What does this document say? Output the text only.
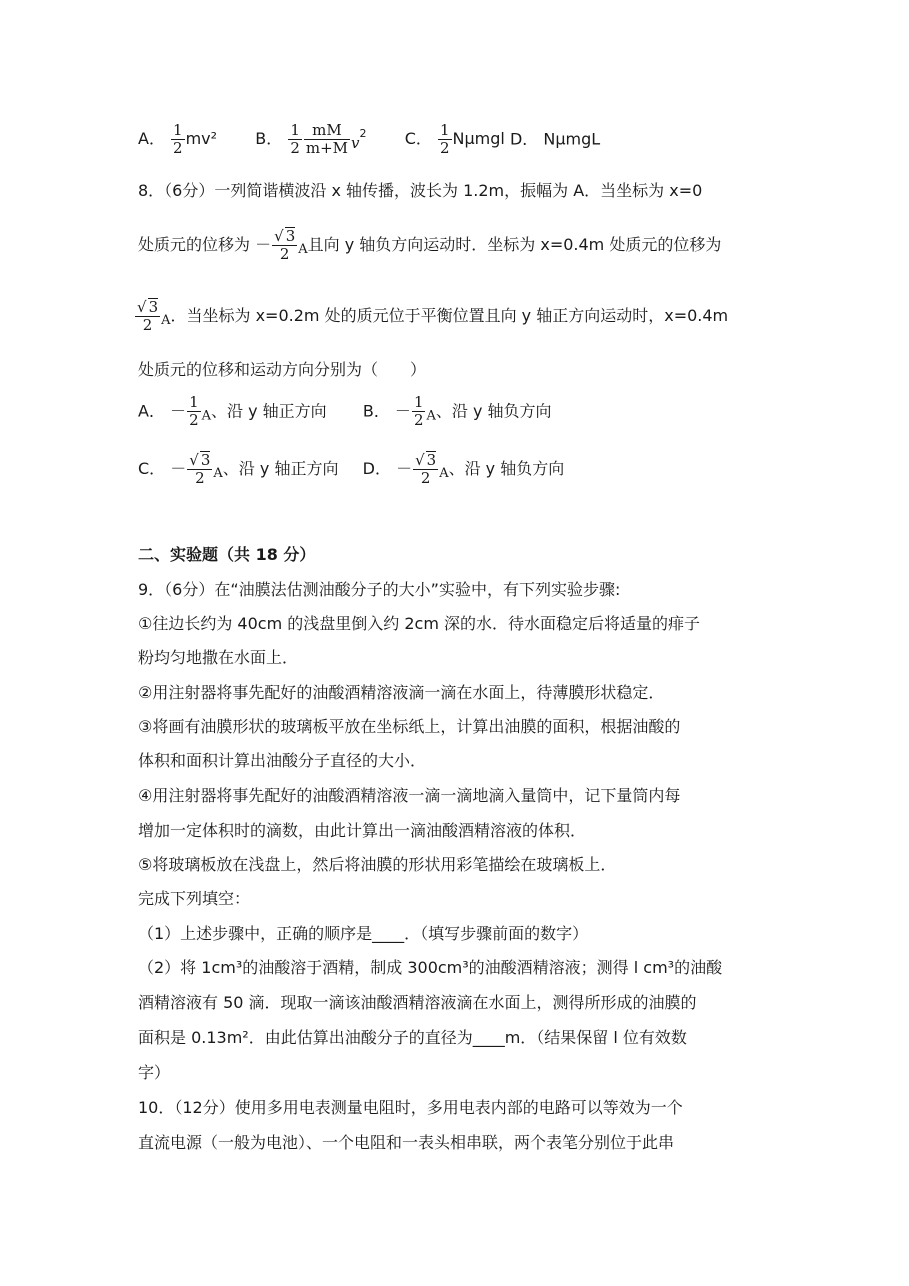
A． $\frac{1}{2} mv^2$ B． $\frac{1}{2} \frac{mM}{m+M} v^2$ C． $\frac{1}{2}$ Nμmgl D． NμmgL
8．（6分）一列简谐横波沿 x 轴传播，波长为 1.2m，振幅为 A．当坐标为 x=0
处质元的位移为 － $\frac{√ 3}{2}$ A且向 y 轴负方向运动时．坐标为 x=0.4m 处质元的位移为
$\frac{√ 3}{2}$ A．当坐标为 x=0.2m 处的质元位于平衡位置且向 y 轴正方向运动时，x=0.4m
处质元的位移和运动方向分别为（　　）
A． － $\frac{1}{2}$ A、沿 y 轴正方向 B． － $\frac{1}{2}$ A、沿 y 轴负方向
C． － $\frac{√ 3}{2}$ A、沿 y 轴正方向 D． － $\frac{√ 3}{2}$ A、沿 y 轴负方向
二、实验题（共 18 分）
9．（6分）在“油膜法估测油酸分子的大小”实验中，有下列实验步骤:
①往边长约为 40cm 的浅盘里倒入约 2cm 深的水．待水面稳定后将适量的痱子
粉均匀地撒在水面上．
②用注射器将事先配好的油酸酒精溶液滴一滴在水面上，待薄膜形状稳定．
③将画有油膜形状的玻璃板平放在坐标纸上，计算出油膜的面积，根据油酸的
体积和面积计算出油酸分子直径的大小．
④用注射器将事先配好的油酸酒精溶液一滴一滴地滴入量筒中，记下量筒内每
增加一定体积时的滴数，由此计算出一滴油酸酒精溶液的体积．
⑤将玻璃板放在浅盘上，然后将油膜的形状用彩笔描绘在玻璃板上．
完成下列填空：
（1）上述步骤中，正确的顺序是____．（填写步骤前面的数字）
（2）将 1cm³的油酸溶于酒精，制成 300cm³的油酸酒精溶液；测得 l cm³的油酸
酒精溶液有 50 滴．现取一滴该油酸酒精溶液滴在水面上，测得所形成的油膜的
面积是 0.13m²．由此估算出油酸分子的直径为____m．（结果保留 l 位有效数
字）
10．（12分）使用多用电表测量电阻时，多用电表内部的电路可以等效为一个
直流电源（一般为电池）、一个电阻和一表头相串联，两个表笔分别位于此串
